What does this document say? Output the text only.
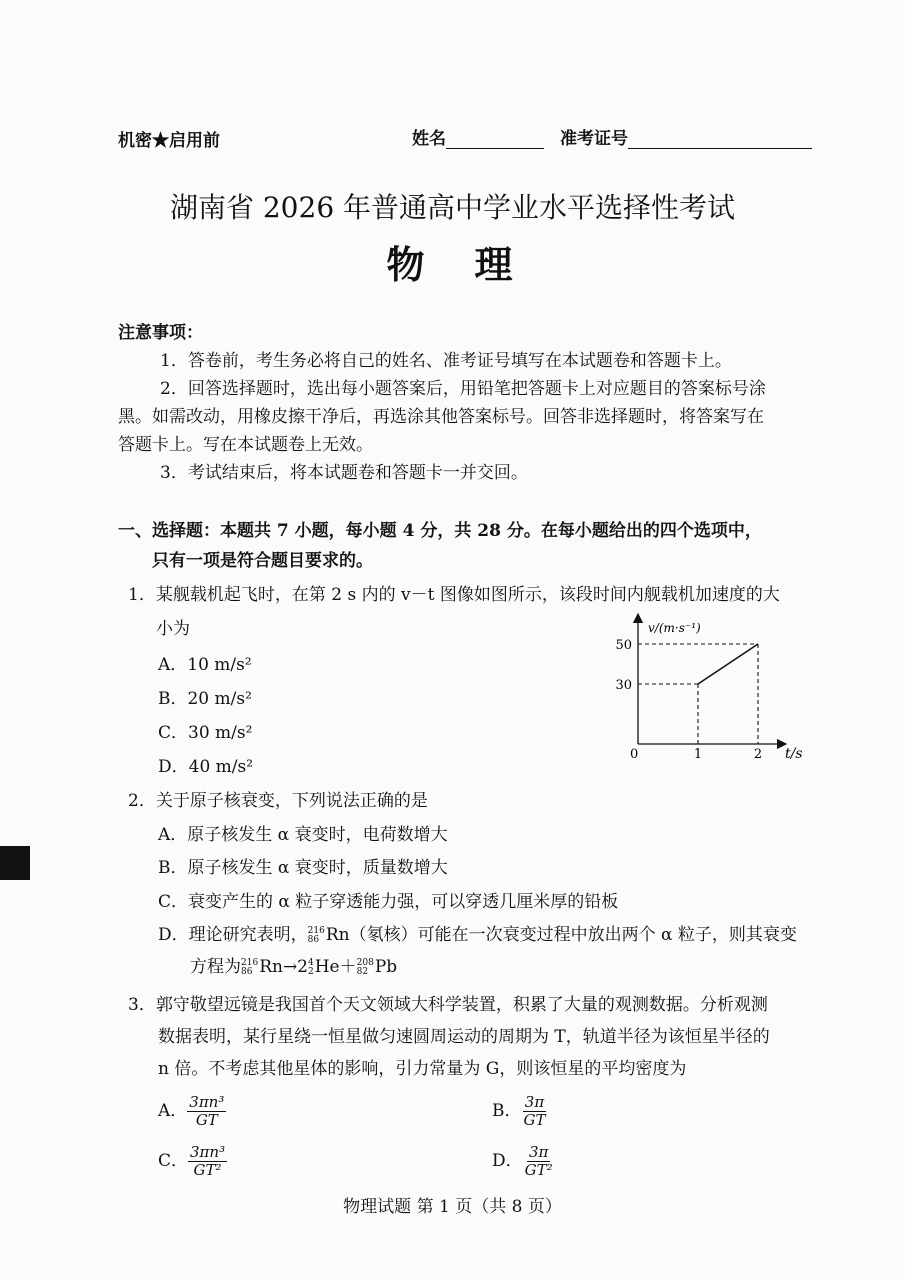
机密★启用前	姓名	准考证号
湖南省 2026 年普通高中学业水平选择性考试
物　理
注意事项：
1．答卷前，考生务必将自己的姓名、准考证号填写在本试题卷和答题卡上。
2．回答选择题时，选出每小题答案后，用铅笔把答题卡上对应题目的答案标号涂
黑。如需改动，用橡皮擦干净后，再选涂其他答案标号。回答非选择题时，将答案写在
答题卡上。写在本试题卷上无效。
3．考试结束后，将本试题卷和答题卡一并交回。
一、选择题：本题共 7 小题，每小题 4 分，共 28 分。在每小题给出的四个选项中，
只有一项是符合题目要求的。
1．某舰载机起飞时，在第 2 s 内的 v－t 图像如图所示，该段时间内舰载机加速度的大
小为
A．10 m/s²
B．20 m/s²
C．30 m/s²
D．40 m/s²
v/(m·s⁻¹)
t/s
0	1	2
30
50
2．关于原子核衰变，下列说法正确的是
A．原子核发生 α 衰变时，电荷数增大
B．原子核发生 α 衰变时，质量数增大
C．衰变产生的 α 粒子穿透能力强，可以穿透几厘米厚的铅板
D．理论研究表明， 216
86 Rn（氡核）可能在一次衰变过程中放出两个 α 粒子，则其衰变
方程为 216
86 Rn→2 4
2 He＋ 208
82 Pb
3．郭守敬望远镜是我国首个天文领域大科学装置，积累了大量的观测数据。分析观测
数据表明，某行星绕一恒星做匀速圆周运动的周期为 T，轨道半径为该恒星半径的
n 倍。不考虑其他星体的影响，引力常量为 G，则该恒星的平均密度为
A． $\frac{\text{3πn³}}{GT}$	B． $\frac{3\pi}{GT}$
C． $\frac{\text{3πn³}}{\text{GT²}}$	D． $\frac{3\pi}{\text{GT²}}$
物理试题 第 1 页（共 8 页）
